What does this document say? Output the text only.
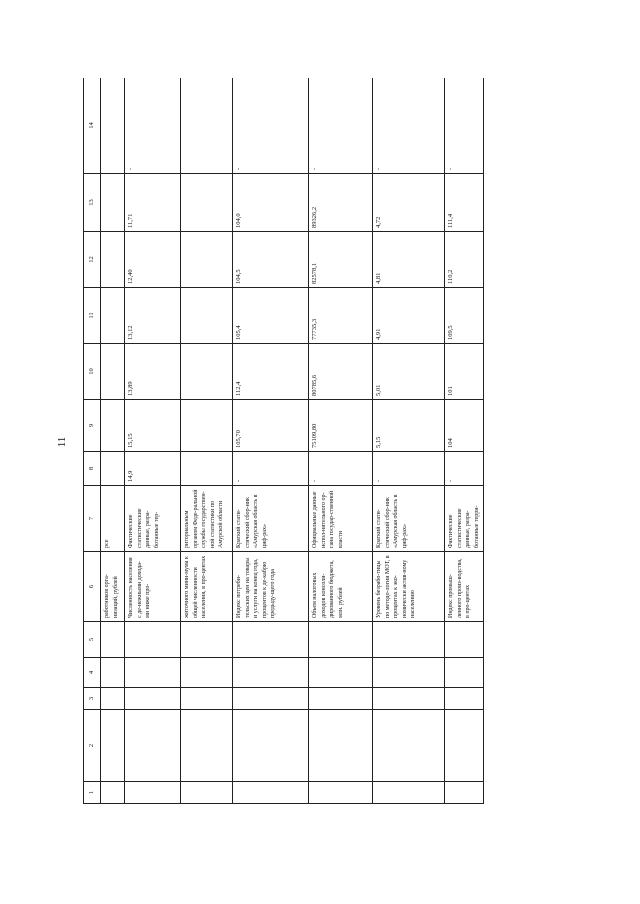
11
1	2	3	4	5	6	7	8	9	10	11	12	13	14
					работников орга-низаций, рублей	рсе							
					Численность населения с де-нежными дохода-ми ниже про-	Фактические статистические данные, разра-ботанные тер-	14,9	15,15	13,89	13,12	12,40	11,71	-
					житочного мини-мума к общей численности населения, в про-центах	риториальным органом Феде-ральной службы государствен-ной статистики по Амурской области							
					Индекс потреби-тельских цен на товары и услуги на конец года, процентов к де-кабрю предыду-щего года	Краткий стати-стический сбор-ник «Амурская область в циф-рах»	-	105,70	112,4	105,4	104,5	104,0	-
					Объем налоговых доходов консоли-дированного бюджета, млн. рублей	Официальные данные испол-нительного ор-гана государ-ственной власти	-	75109,80	80785,6	77735,3	82578,1	89326,2	-
					Уровень безрабо-тицы по методо-логии МОТ, в процентах к эко-номически актив-ному населению	Краткий стати-стический сбор-ник «Амурская область в циф-рах»	-	5,15	5,01	4,91	4,81	4,72	-
					Индекс промыш-ленного произ-водства, в про-центах	Фактические статистические данные, разра-ботанные терри-	-	104	101	109,5	110,2	111,4	-
